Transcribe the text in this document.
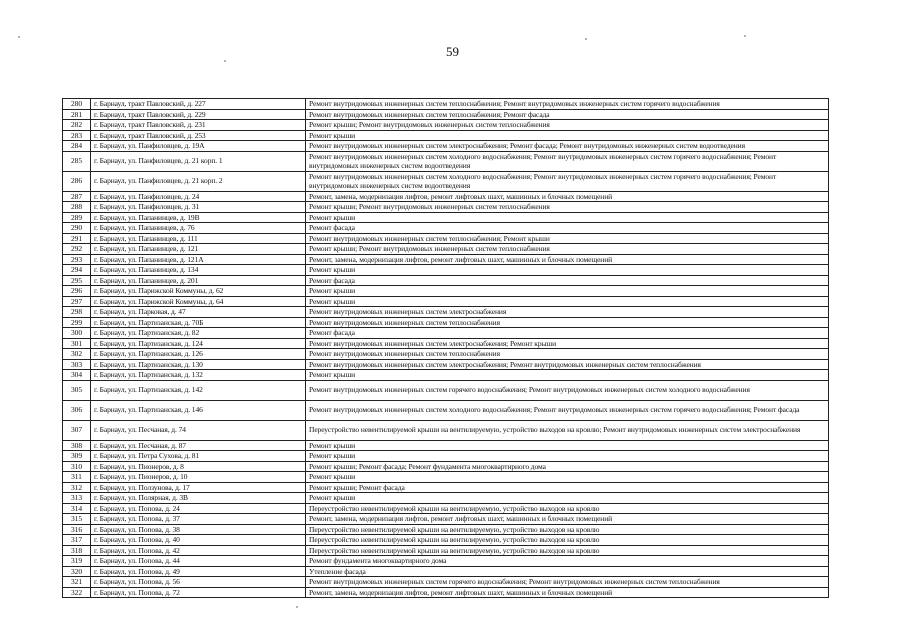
59
280	г. Барнаул, тракт Павловский, д. 227	Ремонт внутридомовых инженерных систем теплоснабжения; Ремонт внутридомовых инженерных систем горячего водоснабжения
281	г. Барнаул, тракт Павловский, д. 229	Ремонт внутридомовых инженерных систем теплоснабжения; Ремонт фасада
282	г. Барнаул, тракт Павловский, д. 231	Ремонт крыши; Ремонт внутридомовых инженерных систем теплоснабжения
283	г. Барнаул, тракт Павловский, д. 253	Ремонт крыши
284	г. Барнаул, ул. Панфиловцев, д. 19А	Ремонт внутридомовых инженерных систем электроснабжения; Ремонт фасада; Ремонт внутридомовых инженерных систем водоотведения
285	г. Барнаул, ул. Панфиловцев, д. 21 корп. 1	Ремонт внутридомовых инженерных систем холодного водоснабжения; Ремонт внутридомовых инженерных систем горячего водоснабжения; Ремонт внутридомовых инженерных систем водоотведения
286	г. Барнаул, ул. Панфиловцев, д. 21 корп. 2	Ремонт внутридомовых инженерных систем холодного водоснабжения; Ремонт внутридомовых инженерных систем горячего водоснабжения; Ремонт внутридомовых инженерных систем водоотведения
287	г. Барнаул, ул. Панфиловцев, д. 24	Ремонт, замена, модернизация лифтов, ремонт лифтовых шахт, машинных и блочных помещений
288	г. Барнаул, ул. Панфиловцев, д. 31	Ремонт крыши; Ремонт внутридомовых инженерных систем теплоснабжения
289	г. Барнаул, ул. Папанинцев, д. 19В	Ремонт крыши
290	г. Барнаул, ул. Папанинцев, д. 76	Ремонт фасада
291	г. Барнаул, ул. Папанинцев, д. 111	Ремонт внутридомовых инженерных систем теплоснабжения; Ремонт крыши
292	г. Барнаул, ул. Папанинцев, д. 121	Ремонт крыши; Ремонт внутридомовых инженерных систем теплоснабжения
293	г. Барнаул, ул. Папанинцев, д. 121А	Ремонт, замена, модернизация лифтов, ремонт лифтовых шахт, машинных и блочных помещений
294	г. Барнаул, ул. Папанинцев, д. 134	Ремонт крыши
295	г. Барнаул, ул. Папанинцев, д. 201	Ремонт фасада
296	г. Барнаул, ул. Парижской Коммуны, д. 62	Ремонт крыши
297	г. Барнаул, ул. Парижской Коммуны, д. 64	Ремонт крыши
298	г. Барнаул, ул. Парковая, д. 47	Ремонт внутридомовых инженерных систем электроснабжения
299	г. Барнаул, ул. Партизанская, д. 70Б	Ремонт внутридомовых инженерных систем теплоснабжения
300	г. Барнаул, ул. Партизанская, д. 82	Ремонт фасада
301	г. Барнаул, ул. Партизанская, д. 124	Ремонт внутридомовых инженерных систем электроснабжения; Ремонт крыши
302	г. Барнаул, ул. Партизанская, д. 126	Ремонт внутридомовых инженерных систем теплоснабжения
303	г. Барнаул, ул. Партизанская, д. 130	Ремонт внутридомовых инженерных систем электроснабжения; Ремонт внутридомовых инженерных систем теплоснабжения
304	г. Барнаул, ул. Партизанская, д. 132	Ремонт крыши
305	г. Барнаул, ул. Партизанская, д. 142	Ремонт внутридомовых инженерных систем горячего водоснабжения; Ремонт внутридомовых инженерных систем холодного водоснабжения
306	г. Барнаул, ул. Партизанская, д. 146	Ремонт внутридомовых инженерных систем холодного водоснабжения; Ремонт внутридомовых инженерных систем горячего водоснабжения; Ремонт фасада
307	г. Барнаул, ул. Песчаная, д. 74	Переустройство невентилируемой крыши на вентилируемую, устройство выходов на кровлю; Ремонт внутридомовых инженерных систем электроснабжения
308	г. Барнаул, ул. Песчаная, д. 87	Ремонт крыши
309	г. Барнаул, ул. Петра Сухова, д. 81	Ремонт крыши
310	г. Барнаул, ул. Пионеров, д. 8	Ремонт крыши; Ремонт фасада; Ремонт фундамента многоквартирного дома
311	г. Барнаул, ул. Пионеров, д. 10	Ремонт крыши
312	г. Барнаул, ул. Ползунова, д. 17	Ремонт крыши; Ремонт фасада
313	г. Барнаул, ул. Полярная, д. 3В	Ремонт крыши
314	г. Барнаул, ул. Попова, д. 24	Переустройство невентилируемой крыши на вентилируемую, устройство выходов на кровлю
315	г. Барнаул, ул. Попова, д. 37	Ремонт, замена, модернизация лифтов, ремонт лифтовых шахт, машинных и блочных помещений
316	г. Барнаул, ул. Попова, д. 38	Переустройство невентилируемой крыши на вентилируемую, устройство выходов на кровлю
317	г. Барнаул, ул. Попова, д. 40	Переустройство невентилируемой крыши на вентилируемую, устройство выходов на кровлю
318	г. Барнаул, ул. Попова, д. 42	Переустройство невентилируемой крыши на вентилируемую, устройство выходов на кровлю
319	г. Барнаул, ул. Попова, д. 44	Ремонт фундамента многоквартирного дома
320	г. Барнаул, ул. Попова, д. 49	Утепление фасада
321	г. Барнаул, ул. Попова, д. 56	Ремонт внутридомовых инженерных систем горячего водоснабжения; Ремонт внутридомовых инженерных систем теплоснабжения
322	г. Барнаул, ул. Попова, д. 72	Ремонт, замена, модернизация лифтов, ремонт лифтовых шахт, машинных и блочных помещений
